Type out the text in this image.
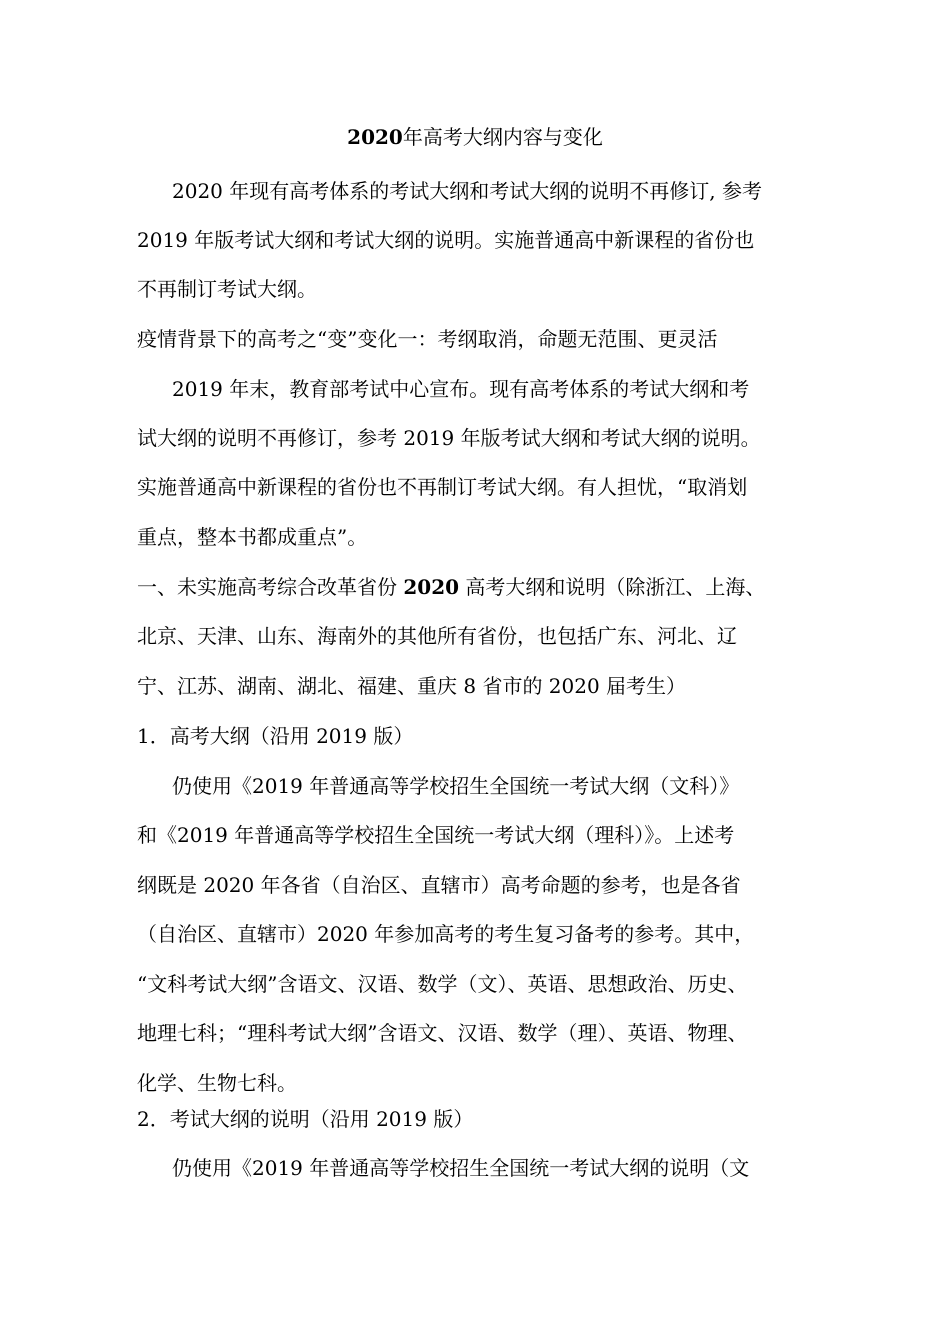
2020年高考大纲内容与变化

2020 年现有高考体系的考试大纲和考试大纲的说明不再修订, 参考

2019 年版考试大纲和考试大纲的说明。实施普通高中新课程的省份也

不再制订考试大纲。

疫情背景下的高考之“变”变化一：考纲取消，命题无范围、更灵活

2019 年末，教育部考试中心宣布。现有高考体系的考试大纲和考

试大纲的说明不再修订，参考 2019 年版考试大纲和考试大纲的说明。

实施普通高中新课程的省份也不再制订考试大纲。有人担忧，“取消划

重点，整本书都成重点”。

一、未实施高考综合改革省份 2020 高考大纲和说明（除浙江、上海、

北京、天津、山东、海南外的其他所有省份，也包括广东、河北、辽

宁、江苏、湖南、湖北、福建、重庆 8 省市的 2020 届考生）

1．高考大纲（沿用 2019 版）

仍使用《2019 年普通高等学校招生全国统一考试大纲（文科）》

和《2019 年普通高等学校招生全国统一考试大纲（理科）》。上述考

纲既是 2020 年各省（自治区、直辖市）高考命题的参考，也是各省

（自治区、直辖市）2020 年参加高考的考生复习备考的参考。其中，

“文科考试大纲”含语文、汉语、数学（文）、英语、思想政治、历史、

地理七科；“理科考试大纲”含语文、汉语、数学（理）、英语、物理、

化学、生物七科。

2．考试大纲的说明（沿用 2019 版）

仍使用《2019 年普通高等学校招生全国统一考试大纲的说明（文
